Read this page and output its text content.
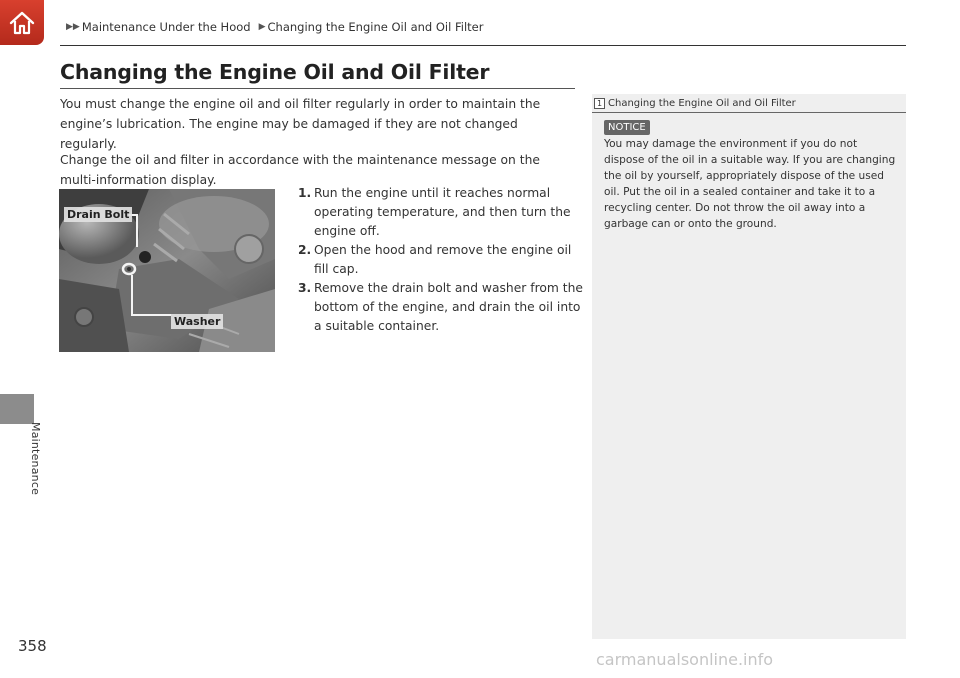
▶▶ Maintenance Under the Hood ▶ Changing the Engine Oil and Oil Filter
Changing the Engine Oil and Oil Filter

You must change the engine oil and oil filter regularly in order to maintain the engine’s lubrication. The engine may be damaged if they are not changed regularly.

Change the oil and filter in accordance with the maintenance message on the multi-information display.

Drain Bolt
Washer
1. Run the engine until it reaches normal operating temperature, and then turn the engine off.
2. Open the hood and remove the engine oil fill cap.
3. Remove the drain bolt and washer from the bottom of the engine, and drain the oil into a suitable container.
1 Changing the Engine Oil and Oil Filter
NOTICE

You may damage the environment if you do not dispose of the oil in a suitable way. If you are changing the oil by yourself, appropriately dispose of the used oil. Put the oil in a sealed container and take it to a recycling center. Do not throw the oil away into a garbage can or onto the ground.

Maintenance
358
carmanualsonline.info
